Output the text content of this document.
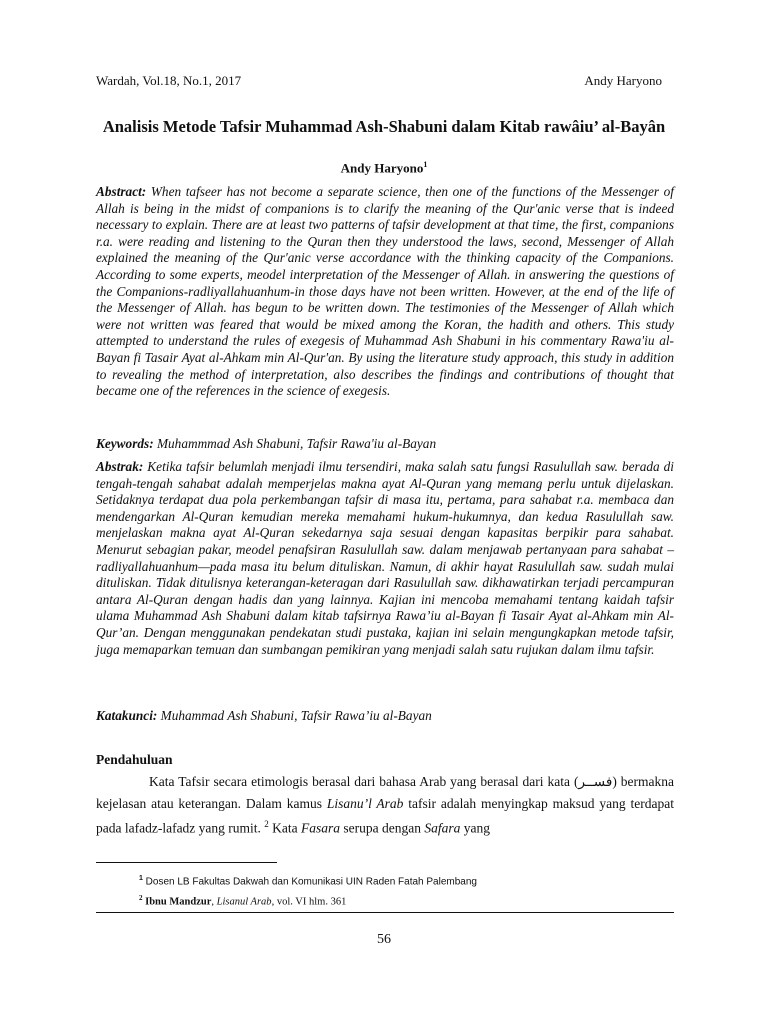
Wardah, Vol.18, No.1, 2017	Andy Haryono
Analisis Metode Tafsir Muhammad Ash-Shabuni dalam Kitab rawâiu’ al-Bayân
Andy Haryono$^1$
Abstract: When tafseer has not become a separate science, then one of the functions of the Messenger of Allah is being in the midst of companions is to clarify the meaning of the Qur'anic verse that is indeed necessary to explain. There are at least two patterns of tafsir development at that time, the first, companions r.a. were reading and listening to the Quran then they understood the laws, second, Messenger of Allah explained the meaning of the Qur'anic verse accordance with the thinking capacity of the Companions. According to some experts, meodel interpretation of the Messenger of Allah. in answering the questions of the Companions-radliyallahuanhum-in those days have not been written. However, at the end of the life of the Messenger of Allah. has begun to be written down. The testimonies of the Messenger of Allah which were not written was feared that would be mixed among the Koran, the hadith and others. This study attempted to understand the rules of exegesis of Muhammad Ash Shabuni in his commentary Rawa'iu al-Bayan fi Tasair Ayat al-Ahkam min Al-Qur'an. By using the literature study approach, this study in addition to revealing the method of interpretation, also describes the findings and contributions of thought that became one of the references in the science of exegesis.
Keywords: Muhammmad Ash Shabuni, Tafsir Rawa'iu al-Bayan
Abstrak: Ketika tafsir belumlah menjadi ilmu tersendiri, maka salah satu fungsi Rasulullah saw. berada di tengah-tengah sahabat adalah memperjelas makna ayat Al-Quran yang memang perlu untuk dijelaskan. Setidaknya terdapat dua pola perkembangan tafsir di masa itu, pertama, para sahabat r.a. membaca dan mendengarkan Al-Quran kemudian mereka memahami hukum-hukumnya, dan kedua Rasulullah saw. menjelaskan makna ayat Al-Quran sekedarnya saja sesuai dengan kapasitas berpikir para sahabat. Menurut sebagian pakar, meodel penafsiran Rasulullah saw. dalam menjawab pertanyaan para sahabat –radliyallahuanhum—pada masa itu belum dituliskan. Namun, di akhir hayat Rasulullah saw. sudah mulai dituliskan. Tidak ditulisnya keterangan-keteragan dari Rasulullah saw. dikhawatirkan terjadi percampuran antara Al-Quran dengan hadis dan yang lainnya. Kajian ini mencoba memahami tentang kaidah tafsir ulama Muhammad Ash Shabuni dalam kitab tafsirnya Rawa’iu al-Bayan fi Tasair Ayat al-Ahkam min Al-Qur’an. Dengan menggunakan pendekatan studi pustaka, kajian ini selain mengungkapkan metode tafsir, juga memaparkan temuan dan sumbangan pemikiran yang menjadi salah satu rujukan dalam ilmu tafsir.
Katakunci: Muhammad Ash Shabuni, Tafsir Rawa’iu al-Bayan
Pendahuluan
Kata Tafsir secara etimologis berasal dari bahasa Arab yang berasal dari kata (فســر) bermakna kejelasan atau keterangan. Dalam kamus Lisanu’l Arab tafsir adalah menyingkap maksud yang terdapat pada lafadz-lafadz yang rumit. $^2$ Kata Fasara serupa dengan Safara yang
$^1$ Dosen LB Fakultas Dakwah dan Komunikasi UIN Raden Fatah Palembang
$^2$ Ibnu Mandzur, Lisanul Arab, vol. VI hlm. 361
56
